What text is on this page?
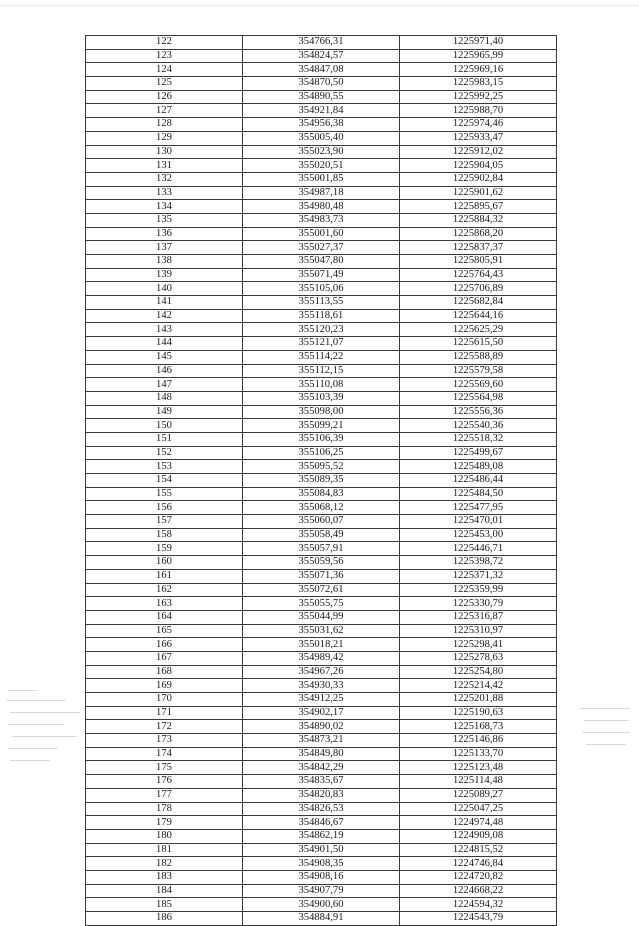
122	354766,31	1225971,40
123	354824,57	1225965,99
124	354847,08	1225969,16
125	354870,50	1225983,15
126	354890,55	1225992,25
127	354921,84	1225988,70
128	354956,38	1225974,46
129	355005,40	1225933,47
130	355023,90	1225912,02
131	355020,51	1225904,05
132	355001,85	1225902,84
133	354987,18	1225901,62
134	354980,48	1225895,67
135	354983,73	1225884,32
136	355001,60	1225868,20
137	355027,37	1225837,37
138	355047,80	1225805,91
139	355071,49	1225764,43
140	355105,06	1225706,89
141	355113,55	1225682,84
142	355118,61	1225644,16
143	355120,23	1225625,29
144	355121,07	1225615,50
145	355114,22	1225588,89
146	355112,15	1225579,58
147	355110,08	1225569,60
148	355103,39	1225564,98
149	355098,00	1225556,36
150	355099,21	1225540,36
151	355106,39	1225518,32
152	355106,25	1225499,67
153	355095,52	1225489,08
154	355089,35	1225486,44
155	355084,83	1225484,50
156	355068,12	1225477,95
157	355060,07	1225470,01
158	355058,49	1225453,00
159	355057,91	1225446,71
160	355059,56	1225398,72
161	355071,36	1225371,32
162	355072,61	1225359,99
163	355055,75	1225330,79
164	355044,99	1225316,87
165	355031,62	1225310,97
166	355018,21	1225298,41
167	354989,42	1225278,63
168	354967,26	1225254,80
169	354930,33	1225214,42
170	354912,25	1225201,88
171	354902,17	1225190,63
172	354890,02	1225168,73
173	354873,21	1225146,86
174	354849,80	1225133,70
175	354842,29	1225123,48
176	354835,67	1225114,48
177	354820,83	1225089,27
178	354826,53	1225047,25
179	354846,67	1224974,48
180	354862,19	1224909,08
181	354901,50	1224815,52
182	354908,35	1224746,84
183	354908,16	1224720,82
184	354907,79	1224668,22
185	354900,60	1224594,32
186	354884,91	1224543,79
